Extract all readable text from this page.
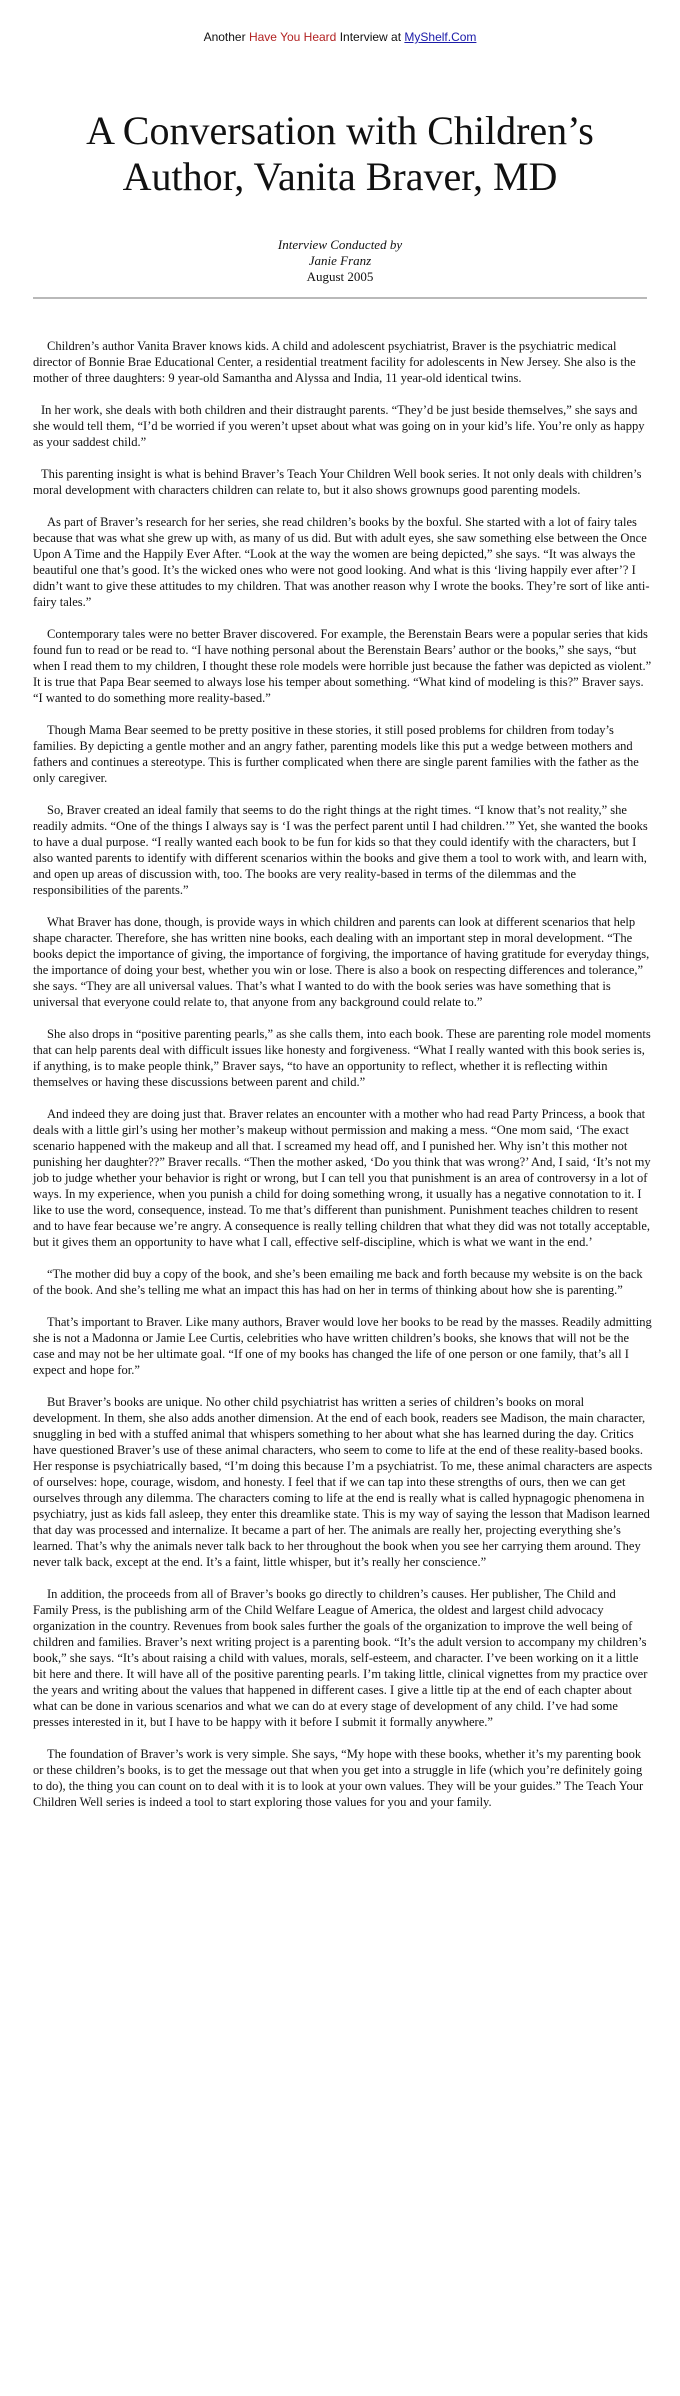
Another Have You Heard Interview at MyShelf.Com
A Conversation with Children’s
Author, Vanita Braver, MD
Interview Conducted by
Janie Franz
August 2005

Children’s author Vanita Braver knows kids. A child and adolescent psychiatrist, Braver is the psychiatric medical director of Bonnie Brae Educational Center, a residential treatment facility for adolescents in New Jersey. She also is the mother of three daughters: 9 year-old Samantha and Alyssa and India, 11 year-old identical twins.

In her work, she deals with both children and their distraught parents. “They’d be just beside themselves,” she says and she would tell them, “I’d be worried if you weren’t upset about what was going on in your kid’s life. You’re only as happy as your saddest child.”

This parenting insight is what is behind Braver’s Teach Your Children Well book series. It not only deals with children’s moral development with characters children can relate to, but it also shows grownups good parenting models.

As part of Braver’s research for her series, she read children’s books by the boxful. She started with a lot of fairy tales because that was what she grew up with, as many of us did. But with adult eyes, she saw something else between the Once Upon A Time and the Happily Ever After. “Look at the way the women are being depicted,” she says. “It was always the beautiful one that’s good. It’s the wicked ones who were not good looking. And what is this ‘living happily ever after’? I didn’t want to give these attitudes to my children. That was another reason why I wrote the books. They’re sort of like anti-fairy tales.”

Contemporary tales were no better Braver discovered. For example, the Berenstain Bears were a popular series that kids found fun to read or be read to. “I have nothing personal about the Berenstain Bears’ author or the books,” she says, “but when I read them to my children, I thought these role models were horrible just because the father was depicted as violent.” It is true that Papa Bear seemed to always lose his temper about something. “What kind of modeling is this?” Braver says. “I wanted to do something more reality-based.”

Though Mama Bear seemed to be pretty positive in these stories, it still posed problems for children from today’s families. By depicting a gentle mother and an angry father, parenting models like this put a wedge between mothers and fathers and continues a stereotype. This is further complicated when there are single parent families with the father as the only caregiver.

So, Braver created an ideal family that seems to do the right things at the right times. “I know that’s not reality,” she readily admits. “One of the things I always say is ‘I was the perfect parent until I had children.’” Yet, she wanted the books to have a dual purpose. “I really wanted each book to be fun for kids so that they could identify with the characters, but I also wanted parents to identify with different scenarios within the books and give them a tool to work with, and learn with, and open up areas of discussion with, too. The books are very reality-based in terms of the dilemmas and the responsibilities of the parents.”

What Braver has done, though, is provide ways in which children and parents can look at different scenarios that help shape character. Therefore, she has written nine books, each dealing with an important step in moral development. “The books depict the importance of giving, the importance of forgiving, the importance of having gratitude for everyday things, the importance of doing your best, whether you win or lose. There is also a book on respecting differences and tolerance,” she says. “They are all universal values. That’s what I wanted to do with the book series was have something that is universal that everyone could relate to, that anyone from any background could relate to.”

She also drops in “positive parenting pearls,” as she calls them, into each book. These are parenting role model moments that can help parents deal with difficult issues like honesty and forgiveness. “What I really wanted with this book series is, if anything, is to make people think,” Braver says, “to have an opportunity to reflect, whether it is reflecting within themselves or having these discussions between parent and child.”

And indeed they are doing just that. Braver relates an encounter with a mother who had read Party Princess, a book that deals with a little girl’s using her mother’s makeup without permission and making a mess. “One mom said, ‘The exact scenario happened with the makeup and all that. I screamed my head off, and I punished her. Why isn’t this mother not punishing her daughter??” Braver recalls. “Then the mother asked, ‘Do you think that was wrong?’ And, I said, ‘It’s not my job to judge whether your behavior is right or wrong, but I can tell you that punishment is an area of controversy in a lot of ways. In my experience, when you punish a child for doing something wrong, it usually has a negative connotation to it. I like to use the word, consequence, instead. To me that’s different than punishment. Punishment teaches children to resent and to have fear because we’re angry. A consequence is really telling children that what they did was not totally acceptable, but it gives them an opportunity to have what I call, effective self-discipline, which is what we want in the end.’

“The mother did buy a copy of the book, and she’s been emailing me back and forth because my website is on the back of the book. And she’s telling me what an impact this has had on her in terms of thinking about how she is parenting.”

That’s important to Braver. Like many authors, Braver would love her books to be read by the masses. Readily admitting she is not a Madonna or Jamie Lee Curtis, celebrities who have written children’s books, she knows that will not be the case and may not be her ultimate goal. “If one of my books has changed the life of one person or one family, that’s all I expect and hope for.”

But Braver’s books are unique. No other child psychiatrist has written a series of children’s books on moral development. In them, she also adds another dimension. At the end of each book, readers see Madison, the main character, snuggling in bed with a stuffed animal that whispers something to her about what she has learned during the day. Critics have questioned Braver’s use of these animal characters, who seem to come to life at the end of these reality-based books. Her response is psychiatrically based, “I’m doing this because I’m a psychiatrist. To me, these animal characters are aspects of ourselves: hope, courage, wisdom, and honesty. I feel that if we can tap into these strengths of ours, then we can get ourselves through any dilemma. The characters coming to life at the end is really what is called hypnagogic phenomena in psychiatry, just as kids fall asleep, they enter this dreamlike state. This is my way of saying the lesson that Madison learned that day was processed and internalize. It became a part of her. The animals are really her, projecting everything she’s learned. That’s why the animals never talk back to her throughout the book when you see her carrying them around. They never talk back, except at the end. It’s a faint, little whisper, but it’s really her conscience.”

In addition, the proceeds from all of Braver’s books go directly to children’s causes. Her publisher, The Child and Family Press, is the publishing arm of the Child Welfare League of America, the oldest and largest child advocacy organization in the country. Revenues from book sales further the goals of the organization to improve the well being of children and families. Braver’s next writing project is a parenting book. “It’s the adult version to accompany my children’s book,” she says. “It’s about raising a child with values, morals, self-esteem, and character. I’ve been working on it a little bit here and there. It will have all of the positive parenting pearls. I’m taking little, clinical vignettes from my practice over the years and writing about the values that happened in different cases. I give a little tip at the end of each chapter about what can be done in various scenarios and what we can do at every stage of development of any child. I’ve had some presses interested in it, but I have to be happy with it before I submit it formally anywhere.”

The foundation of Braver’s work is very simple. She says, “My hope with these books, whether it’s my parenting book or these children’s books, is to get the message out that when you get into a struggle in life (which you’re definitely going to do), the thing you can count on to deal with it is to look at your own values. They will be your guides.” The Teach Your Children Well series is indeed a tool to start exploring those values for you and your family.
